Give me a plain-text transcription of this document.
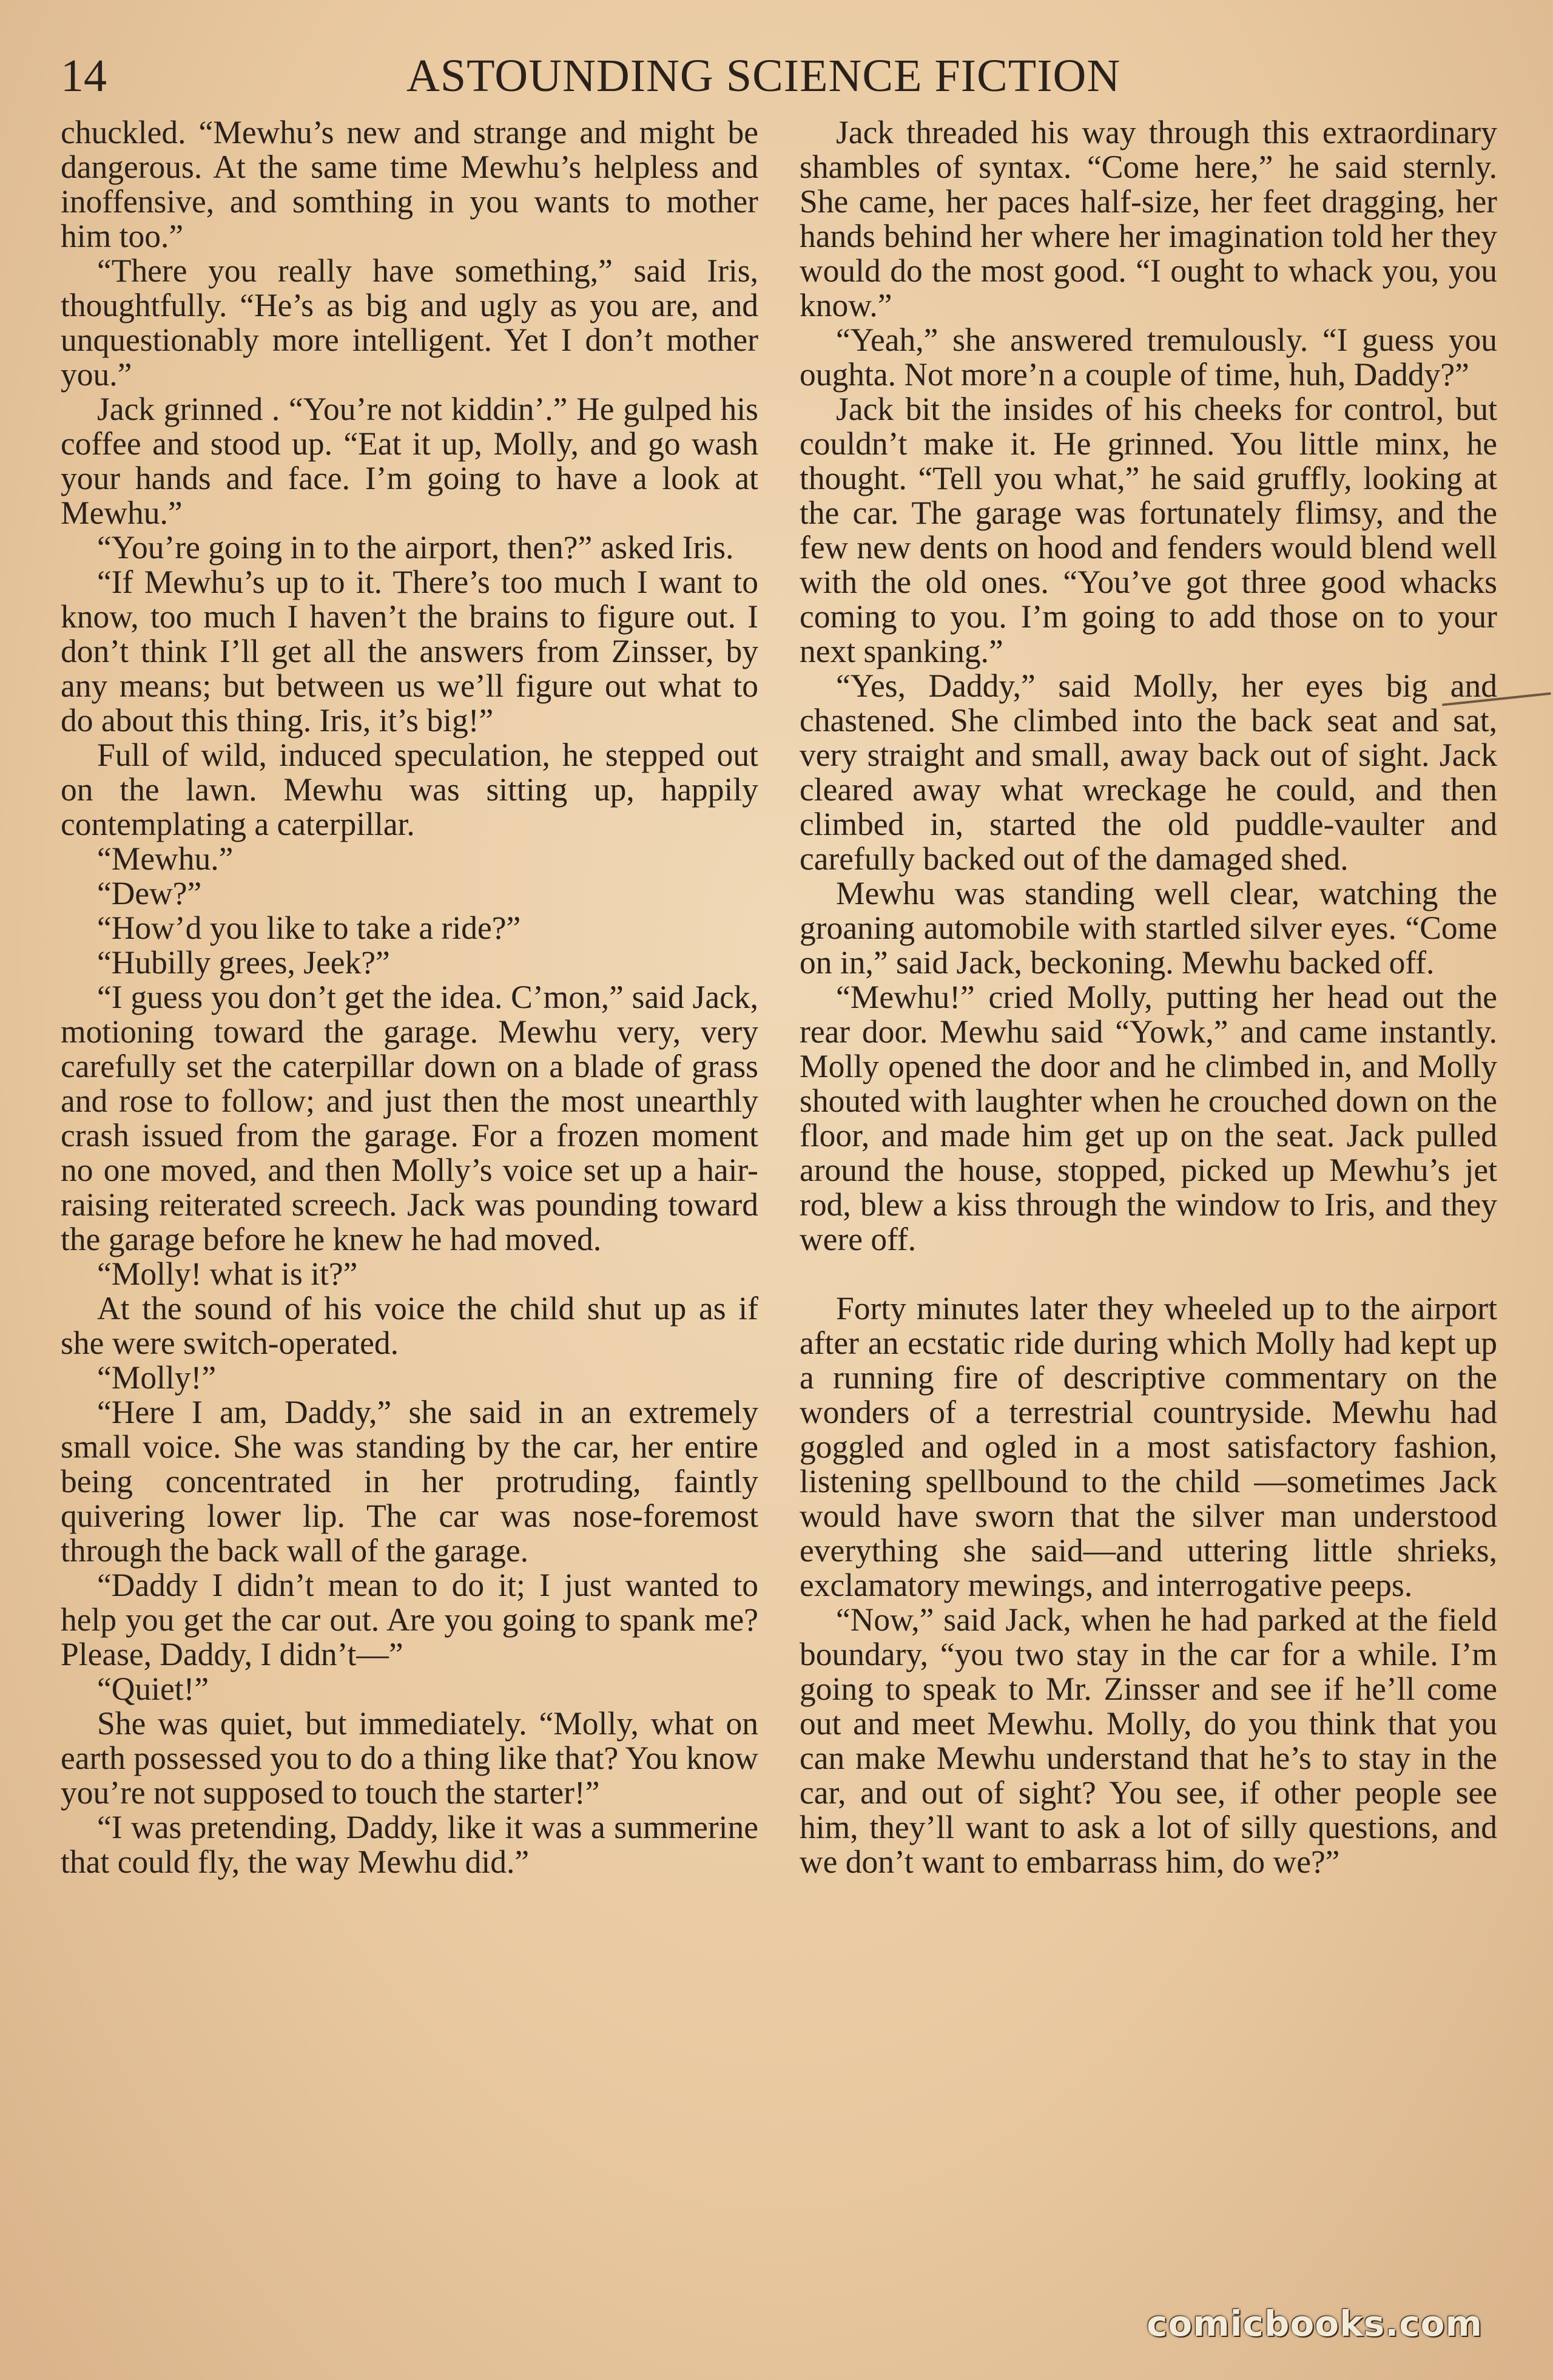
14	ASTOUNDING SCIENCE FICTION

chuckled. “Mewhu’s new and strange and might be dangerous. At the same time Mewhu’s helpless and inoffensive, and somthing in you wants to mother him too.”

“There you really have something,” said Iris, thoughtfully. “He’s as big and ugly as you are, and unquestionably more intelligent. Yet I don’t mother you.”

Jack grinned . “You’re not kiddin’.” He gulped his coffee and stood up. “Eat it up, Molly, and go wash your hands and face. I’m going to have a look at Mewhu.”

“You’re going in to the airport, then?” asked Iris.

“If Mewhu’s up to it. There’s too much I want to know, too much I haven’t the brains to figure out. I don’t think I’ll get all the answers from Zinsser, by any means; but between us we’ll figure out what to do about this thing. Iris, it’s big!”

Full of wild, induced speculation, he stepped out on the lawn. Mewhu was sitting up, happily contemplating a caterpillar.

“Mewhu.”

“Dew?”

“How’d you like to take a ride?”

“Hubilly grees, Jeek?”

“I guess you don’t get the idea. C’mon,” said Jack, motioning toward the garage. Mewhu very, very carefully set the caterpillar down on a blade of grass and rose to follow; and just then the most unearthly crash issued from the garage. For a frozen moment no one moved, and then Molly’s voice set up a hair-raising reiterated screech. Jack was pounding toward the garage before he knew he had moved.

“Molly! what is it?”

At the sound of his voice the child shut up as if she were switch-operated.

“Molly!”

“Here I am, Daddy,” she said in an extremely small voice. She was standing by the car, her entire being concentrated in her protruding, faintly quivering lower lip. The car was nose-foremost through the back wall of the garage.

“Daddy I didn’t mean to do it; I just wanted to help you get the car out. Are you going to spank me? Please, Daddy, I didn’t—”

“Quiet!”

She was quiet, but immediately. “Molly, what on earth possessed you to do a thing like that? You know you’re not supposed to touch the starter!”

“I was pretending, Daddy, like it was a summerine that could fly, the way Mewhu did.”

Jack threaded his way through this extraordinary shambles of syntax. “Come here,” he said sternly. She came, her paces half-size, her feet dragging, her hands behind her where her imagination told her they would do the most good. “I ought to whack you, you know.”

“Yeah,” she answered tremulously. “I guess you oughta. Not more’n a couple of time, huh, Daddy?”

Jack bit the insides of his cheeks for control, but couldn’t make it. He grinned. You little minx, he thought. “Tell you what,” he said gruffly, looking at the car. The garage was fortunately flimsy, and the few new dents on hood and fenders would blend well with the old ones. “You’ve got three good whacks coming to you. I’m going to add those on to your next spanking.”

“Yes, Daddy,” said Molly, her eyes big and chastened. She climbed into the back seat and sat, very straight and small, away back out of sight. Jack cleared away what wreckage he could, and then climbed in, started the old puddle-vaulter and carefully backed out of the damaged shed.

Mewhu was standing well clear, watching the groaning automobile with startled silver eyes. “Come on in,” said Jack, beckoning. Mewhu backed off.

“Mewhu!” cried Molly, putting her head out the rear door. Mewhu said “Yowk,” and came instantly. Molly opened the door and he climbed in, and Molly shouted with laughter when he crouched down on the floor, and made him get up on the seat. Jack pulled around the house, stopped, picked up Mewhu’s jet rod, blew a kiss through the window to Iris, and they were off.

Forty minutes later they wheeled up to the airport after an ecstatic ride during which Molly had kept up a running fire of descriptive commentary on the wonders of a terrestrial countryside. Mewhu had goggled and ogled in a most satisfactory fashion, listening spellbound to the child —sometimes Jack would have sworn that the silver man understood everything she said—and uttering little shrieks, exclamatory mewings, and interrogative peeps.

“Now,” said Jack, when he had parked at the field boundary, “you two stay in the car for a while. I’m going to speak to Mr. Zinsser and see if he’ll come out and meet Mewhu. Molly, do you think that you can make Mewhu understand that he’s to stay in the car, and out of sight? You see, if other people see him, they’ll want to ask a lot of silly questions, and we don’t want to embarrass him, do we?”

comicbooks.com
